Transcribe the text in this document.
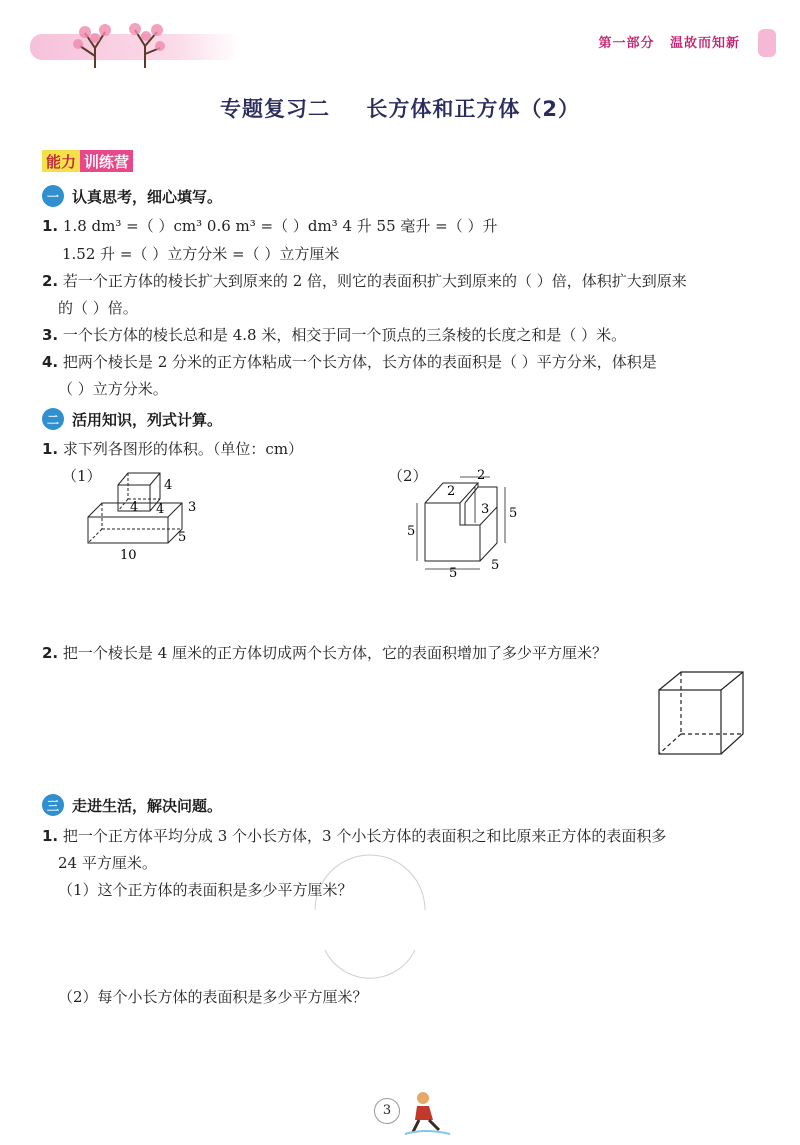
第一部分 温故而知新
专题复习二 长方体和正方体（2）
能力 训练营
一 认真思考，细心填写。
1. 1.8 dm³ =（ ）cm³ 0.6 m³ =（ ）dm³ 4 升 55 毫升 =（ ）升
1.52 升 =（ ）立方分米 =（ ）立方厘米
2. 若一个正方体的棱长扩大到原来的 2 倍，则它的表面积扩大到原来的（ ）倍，体积扩大到原来
的（ ）倍。
3. 一个长方体的棱长总和是 4.8 米，相交于同一个顶点的三条棱的长度之和是（ ）米。
4. 把两个棱长是 2 分米的正方体粘成一个长方体，长方体的表面积是（ ）平方分米，体积是
（ ）立方分米。
二 活用知识，列式计算。
1. 求下列各图形的体积。（单位：cm）
（1）	（2）
4
4 4 3
5
10
2
2
3 5
5
5
5
2. 把一个棱长是 4 厘米的正方体切成两个长方体，它的表面积增加了多少平方厘米？
三 走进生活，解决问题。
1. 把一个正方体平均分成 3 个小长方体，3 个小长方体的表面积之和比原来正方体的表面积多
24 平方厘米。
（1）这个正方体的表面积是多少平方厘米？
（2）每个小长方体的表面积是多少平方厘米？
3
